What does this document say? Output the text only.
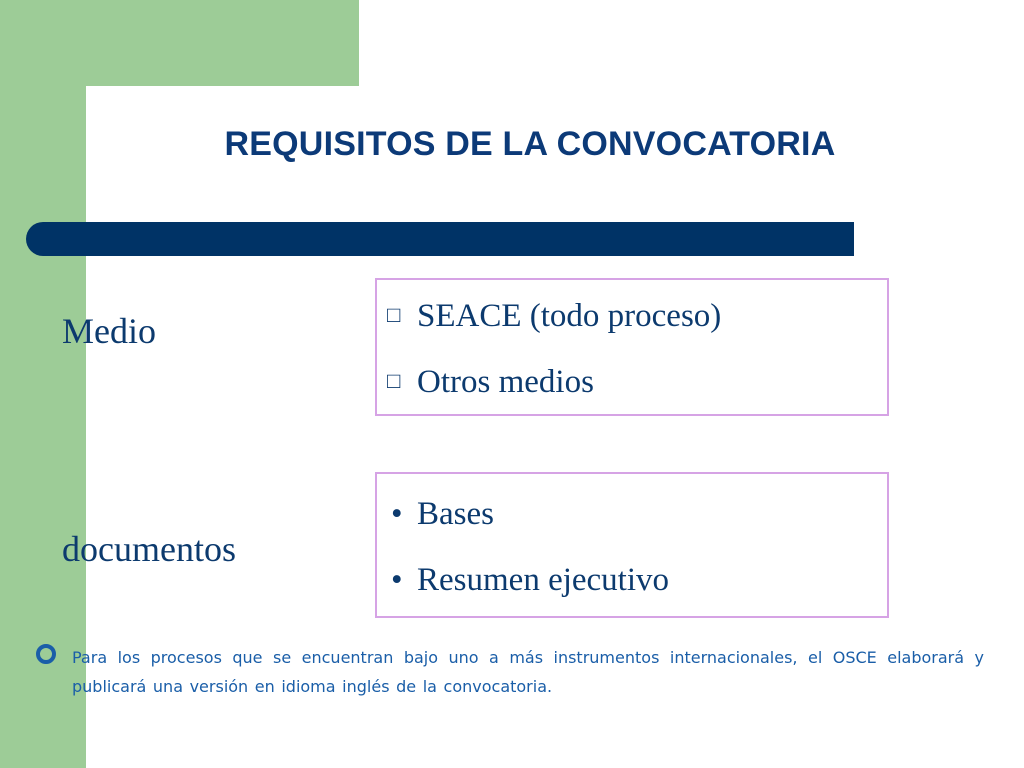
REQUISITOS DE LA CONVOCATORIA
Medio
documentos
□ SEACE (todo proceso)
□ Otros medios
• Bases
• Resumen ejecutivo
Para los procesos que se encuentran bajo uno a más instrumentos internacionales, el OSCE elaborará y publicará una versión en idioma inglés de la convocatoria.
